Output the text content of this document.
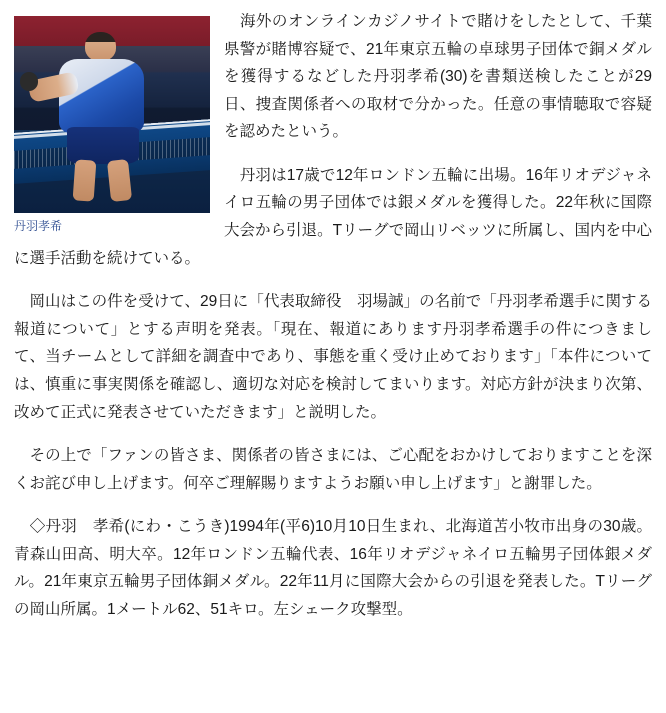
丹羽孝希

　海外のオンラインカジノサイトで賭けをしたとして、千葉県警が賭博容疑で、21年東京五輪の卓球男子団体で銅メダルを獲得するなどした丹羽孝希(30)を書類送検したことが29日、捜査関係者への取材で分かった。任意の事情聴取で容疑を認めたという。

　丹羽は17歳で12年ロンドン五輪に出場。16年リオデジャネイロ五輪の男子団体では銀メダルを獲得した。22年秋に国際大会から引退。Tリーグで岡山リベッツに所属し、国内を中心に選手活動を続けている。

　岡山はこの件を受けて、29日に「代表取締役　羽場誠」の名前で「丹羽孝希選手に関する報道について」とする声明を発表。「現在、報道にあります丹羽孝希選手の件につきまして、当チームとして詳細を調査中であり、事態を重く受け止めております」「本件については、慎重に事実関係を確認し、適切な対応を検討してまいります。対応方針が決まり次第、改めて正式に発表させていただきます」と説明した。

　その上で「ファンの皆さま、関係者の皆さまには、ご心配をおかけしておりますことを深くお詫び申し上げます。何卒ご理解賜りますようお願い申し上げます」と謝罪した。

　◇丹羽　孝希(にわ・こうき)1994年(平6)10月10日生まれ、北海道苫小牧市出身の30歳。青森山田高、明大卒。12年ロンドン五輪代表、16年リオデジャネイロ五輪男子団体銀メダル。21年東京五輪男子団体銅メダル。22年11月に国際大会からの引退を発表した。Tリーグの岡山所属。1メートル62、51キロ。左シェーク攻撃型。
